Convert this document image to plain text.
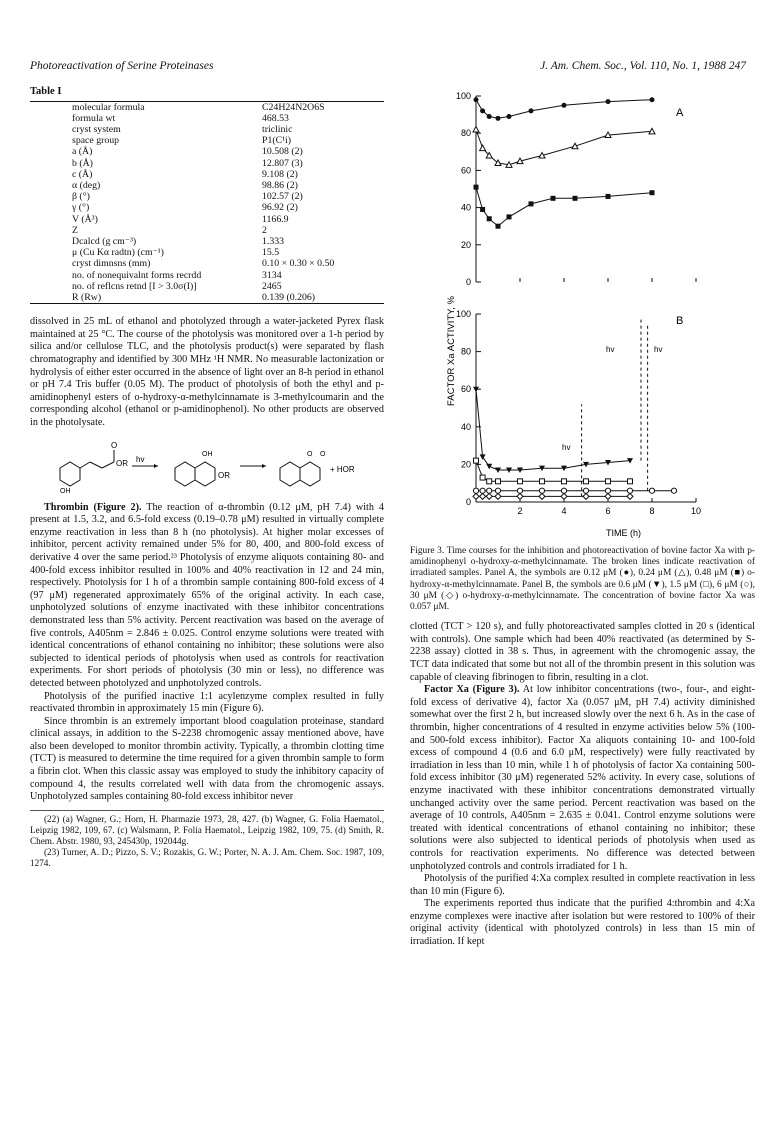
Photoreactivation of Serine Proteinases	J. Am. Chem. Soc., Vol. 110, No. 1, 1988 247
Table I
molecular formula	C24H24N2O6S
formula wt	468.53
cryst system	triclinic
space group	P1(C¹i)
a (Å)	10.508 (2)
b (Å)	12.807 (3)
c (Å)	9.108 (2)
α (deg)	98.86 (2)
β (°)	102.57 (2)
γ (°)	96.92 (2)
V (Å³)	1166.9
Z	2
Dcalcd (g cm⁻³)	1.333
μ (Cu Kα radtn) (cm⁻¹)	15.5
cryst dimnsns (mm)	0.10 × 0.30 × 0.50
no. of nonequivalnt forms recrdd	3134
no. of reflcns retnd [I > 3.0σ(I)]	2465
R (Rw)	0.139 (0.206)

dissolved in 25 mL of ethanol and photolyzed through a water-jacketed Pyrex flask maintained at 25 °C. The course of the photolysis was monitored over a 1-h period by silica and/or cellulose TLC, and the photolysis product(s) were separated by flash chromatography and identified by 300 MHz ¹H NMR. No measurable lactonization or hydrolysis of either ester occurred in the absence of light over an 8-h period in ethanol or pH 7.4 Tris buffer (0.05 M). The product of photolysis of both the ethyl and p-amidinophenyl esters of o-hydroxy-α-methylcinnamate is 3-methylcoumarin and the corresponding alcohol (ethanol or p-amidinophenol). No other products are observed in the photolysate.

O
OR
OH
hv
OH
OR
O O
+ HOR

Thrombin (Figure 2). The reaction of α-thrombin (0.12 μM, pH 7.4) with 4 present at 1.5, 3.2, and 6.5-fold excess (0.19–0.78 μM) resulted in virtually complete enzyme reactivation in less than 8 h (no photolysis). At higher molar excesses of inhibitor, percent activity remained under 5% for 80, 400, and 800-fold excess of derivative 4 over the same period.²³ Photolysis of enzyme aliquots containing 80- and 400-fold excess inhibitor resulted in 100% and 40% reactivation in 12 and 24 min, respectively. Photolysis for 1 h of a thrombin sample containing 800-fold excess of 4 (97 μM) regenerated approximately 65% of the original activity. In each case, unphotolyzed solutions of enzyme inactivated with these inhibitor concentrations demonstrated less than 5% activity. Percent reactivation was based on the average of five controls, A405nm = 2.846 ± 0.025. Control enzyme solutions were treated with identical concentrations of ethanol containing no inhibitor; these solutions were also subjected to identical periods of photolysis when used as controls for reactivation experiments. For short periods of photolysis (30 min or less), no difference was detected between photolyzed and unphotolyzed controls.

Photolysis of the purified inactive 1:1 acylenzyme complex resulted in fully reactivated thrombin in approximately 15 min (Figure 6).

Since thrombin is an extremely important blood coagulation proteinase, standard clinical assays, in addition to the S-2238 chromogenic assay mentioned above, have also been developed to monitor thrombin activity. Typically, a thrombin clotting time (TCT) is measured to determine the time required for a given thrombin sample to form a fibrin clot. When this classic assay was employed to study the inhibitory capacity of compound 4, the results correlated well with data from the chromogenic assays. Unphotolyzed samples containing 80-fold excess inhibitor never

(22) (a) Wagner, G.; Horn, H. Pharmazie 1973, 28, 427. (b) Wagner, G. Folia Haematol., Leipzig 1982, 109, 67. (c) Walsmann, P. Folia Haematol., Leipzig 1982, 109, 75. (d) Smith, R. Chem. Abstr. 1980, 93, 245430p, 192044g.

(23) Turner, A. D.; Pizzo, S. V.; Rozakis, G. W.; Porter, N. A. J. Am. Chem. Soc. 1987, 109, 1274.

0
20
40
60
80
100
0
20
40
60
80
100
2	4	6	8	10
FACTOR Xa ACTIVITY, %
TIME (h)
A
B
hv	hv
hv

Figure 3. Time courses for the inhibition and photoreactivation of bovine factor Xa with p-amidinophenyl o-hydroxy-α-methylcinnamate. The broken lines indicate reactivation of irradiated samples. Panel A, the symbols are 0.12 μM (●), 0.24 μM (△), 0.48 μM (■) o-hydroxy-α-methylcinnamate. Panel B, the symbols are 0.6 μM (▼), 1.5 μM (□), 6 μM (○), 30 μM (◇) o-hydroxy-α-methylcinnamate. The concentration of bovine factor Xa was 0.057 μM.

clotted (TCT > 120 s), and fully photoreactivated samples clotted in 20 s (identical with controls). One sample which had been 40% reactivated (as determined by S-2238 assay) clotted in 38 s. Thus, in agreement with the chromogenic assay, the TCT data indicated that some but not all of the thrombin present in this solution was capable of cleaving fibrinogen to fibrin, resulting in a clot.

Factor Xa (Figure 3). At low inhibitor concentrations (two-, four-, and eight-fold excess of derivative 4), factor Xa (0.057 μM, pH 7.4) activity diminished somewhat over the first 2 h, but increased slowly over the next 6 h. As in the case of thrombin, higher concentrations of 4 resulted in enzyme activities below 5% (100- and 500-fold excess inhibitor). Factor Xa aliquots containing 10- and 100-fold excess of compound 4 (0.6 and 6.0 μM, respectively) were fully reactivated by irradiation in less than 10 min, while 1 h of photolysis of factor Xa containing 500-fold excess inhibitor (30 μM) regenerated 52% activity. In every case, solutions of enzyme inactivated with these inhibitor concentrations demonstrated virtually unchanged activity over the same period. Percent reactivation was based on the average of 10 controls, A405nm = 2.635 ± 0.041. Control enzyme solutions were treated with identical concentrations of ethanol containing no inhibitor; these solutions were also subjected to identical periods of photolysis when used as controls for reactivation experiments. No difference was detected between unphotolyzed controls and controls irradiated for 1 h.

Photolysis of the purified 4:Xa complex resulted in complete reactivation in less than 10 min (Figure 6).

The experiments reported thus indicate that the purified 4:thrombin and 4:Xa enzyme complexes were inactive after isolation but were restored to 100% of their original activity (identical with photolyzed controls) in less than 15 min of irradiation. If kept
